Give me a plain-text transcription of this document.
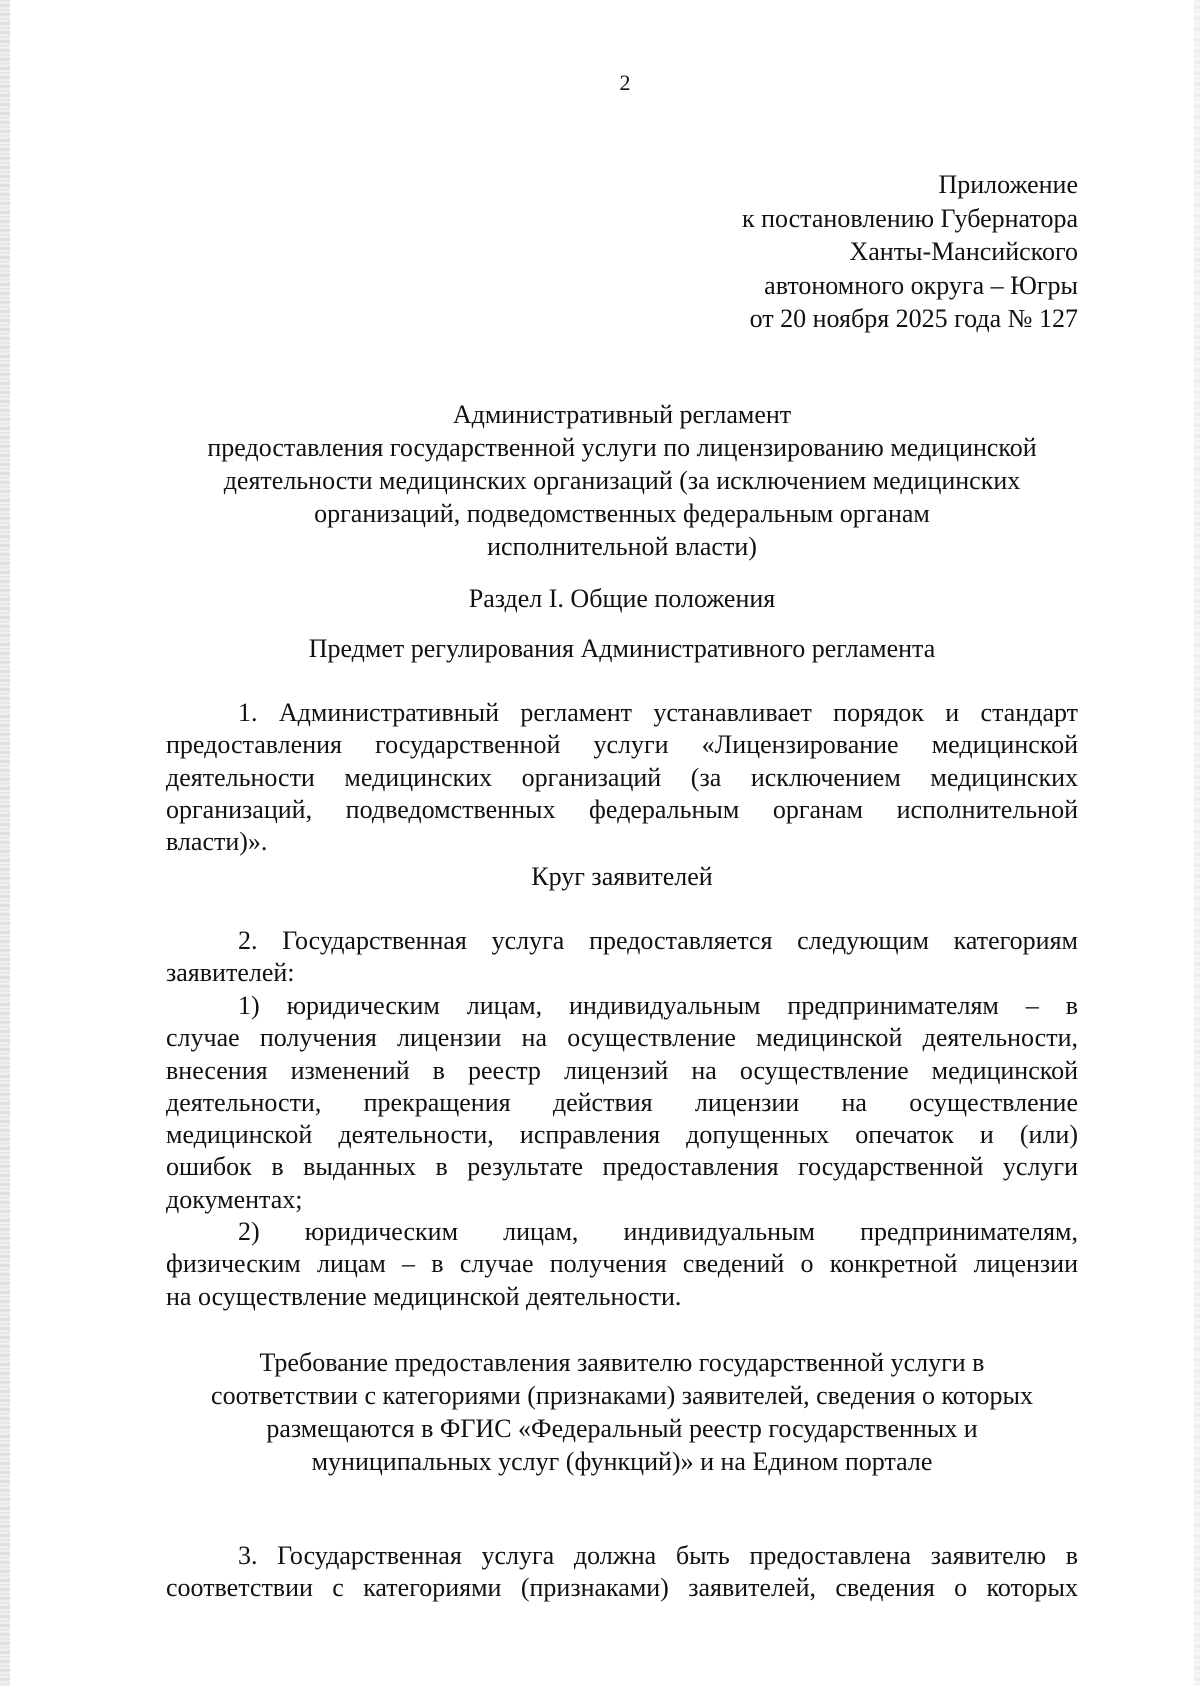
2
Приложение
к постановлению Губернатора
Ханты-Мансийского
автономного округа – Югры
от 20 ноября 2025 года № 127
Административный регламент
предоставления государственной услуги по лицензированию медицинской
деятельности медицинских организаций (за исключением медицинских
организаций, подведомственных федеральным органам
исполнительной власти)
Раздел I. Общие положения
Предмет регулирования Административного регламента
1. Административный регламент устанавливает порядок и стандарт
предоставления государственной услуги «Лицензирование медицинской
деятельности медицинских организаций (за исключением медицинских
организаций, подведомственных федеральным органам исполнительной
власти)».
Круг заявителей
2. Государственная услуга предоставляется следующим категориям
заявителей:
1) юридическим лицам, индивидуальным предпринимателям – в
случае получения лицензии на осуществление медицинской деятельности,
внесения изменений в реестр лицензий на осуществление медицинской
деятельности, прекращения действия лицензии на осуществление
медицинской деятельности, исправления допущенных опечаток и (или)
ошибок в выданных в результате предоставления государственной услуги
документах;
2) юридическим лицам, индивидуальным предпринимателям,
физическим лицам – в случае получения сведений о конкретной лицензии
на осуществление медицинской деятельности.
Требование предоставления заявителю государственной услуги в
соответствии с категориями (признаками) заявителей, сведения о которых
размещаются в ФГИС «Федеральный реестр государственных и
муниципальных услуг (функций)» и на Едином портале
3. Государственная услуга должна быть предоставлена заявителю в
соответствии с категориями (признаками) заявителей, сведения о которых
